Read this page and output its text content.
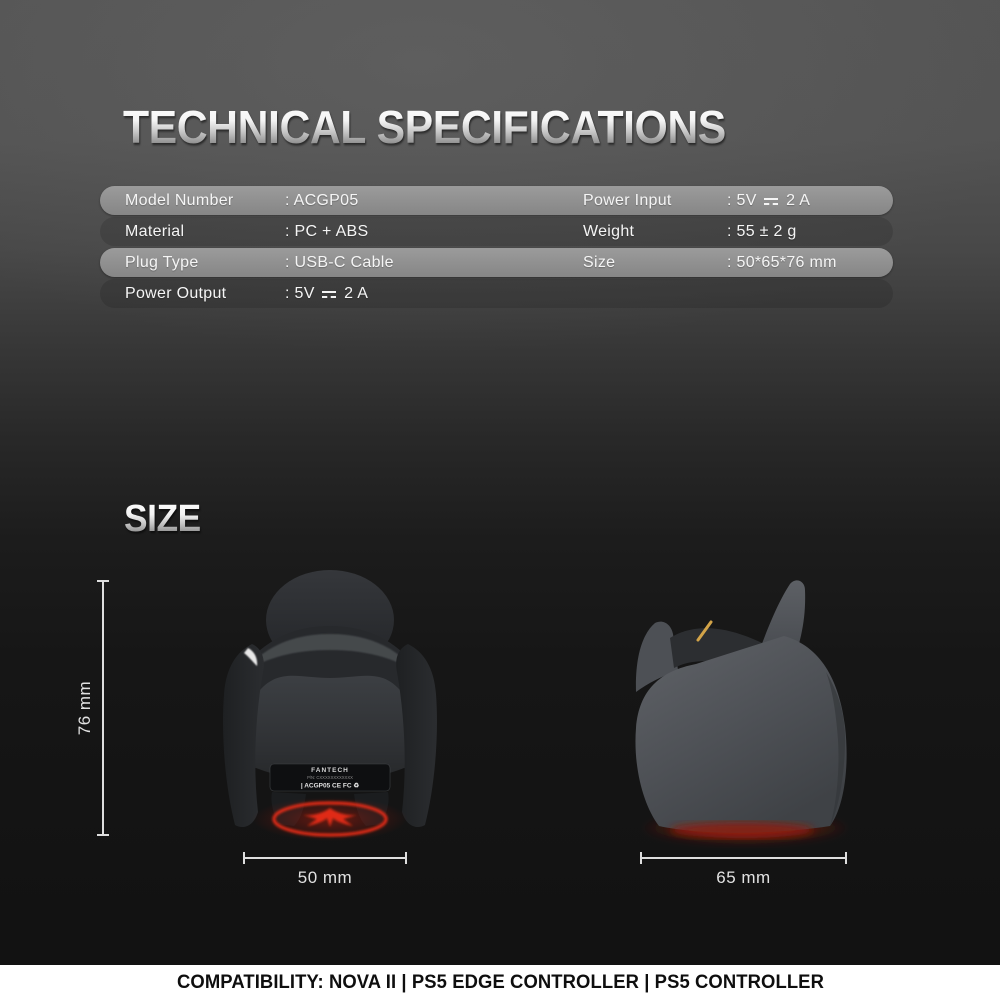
TECHNICAL SPECIFICATIONS
Model Number	: ACGP05	Power Input	: 5V  2 A
Material	: PC + ABS	Weight	: 55 ± 2 g
Plug Type	: USB-C Cable	Size	: 50*65*76 mm
Power Output	: 5V  2 A
SIZE
76 mm
FANTECH
P/N: CXXXXXXXXXXXX
| ACGP05 CE FC ♻
50 mm	65 mm
COMPATIBILITY: NOVA II | PS5 EDGE CONTROLLER | PS5 CONTROLLER
